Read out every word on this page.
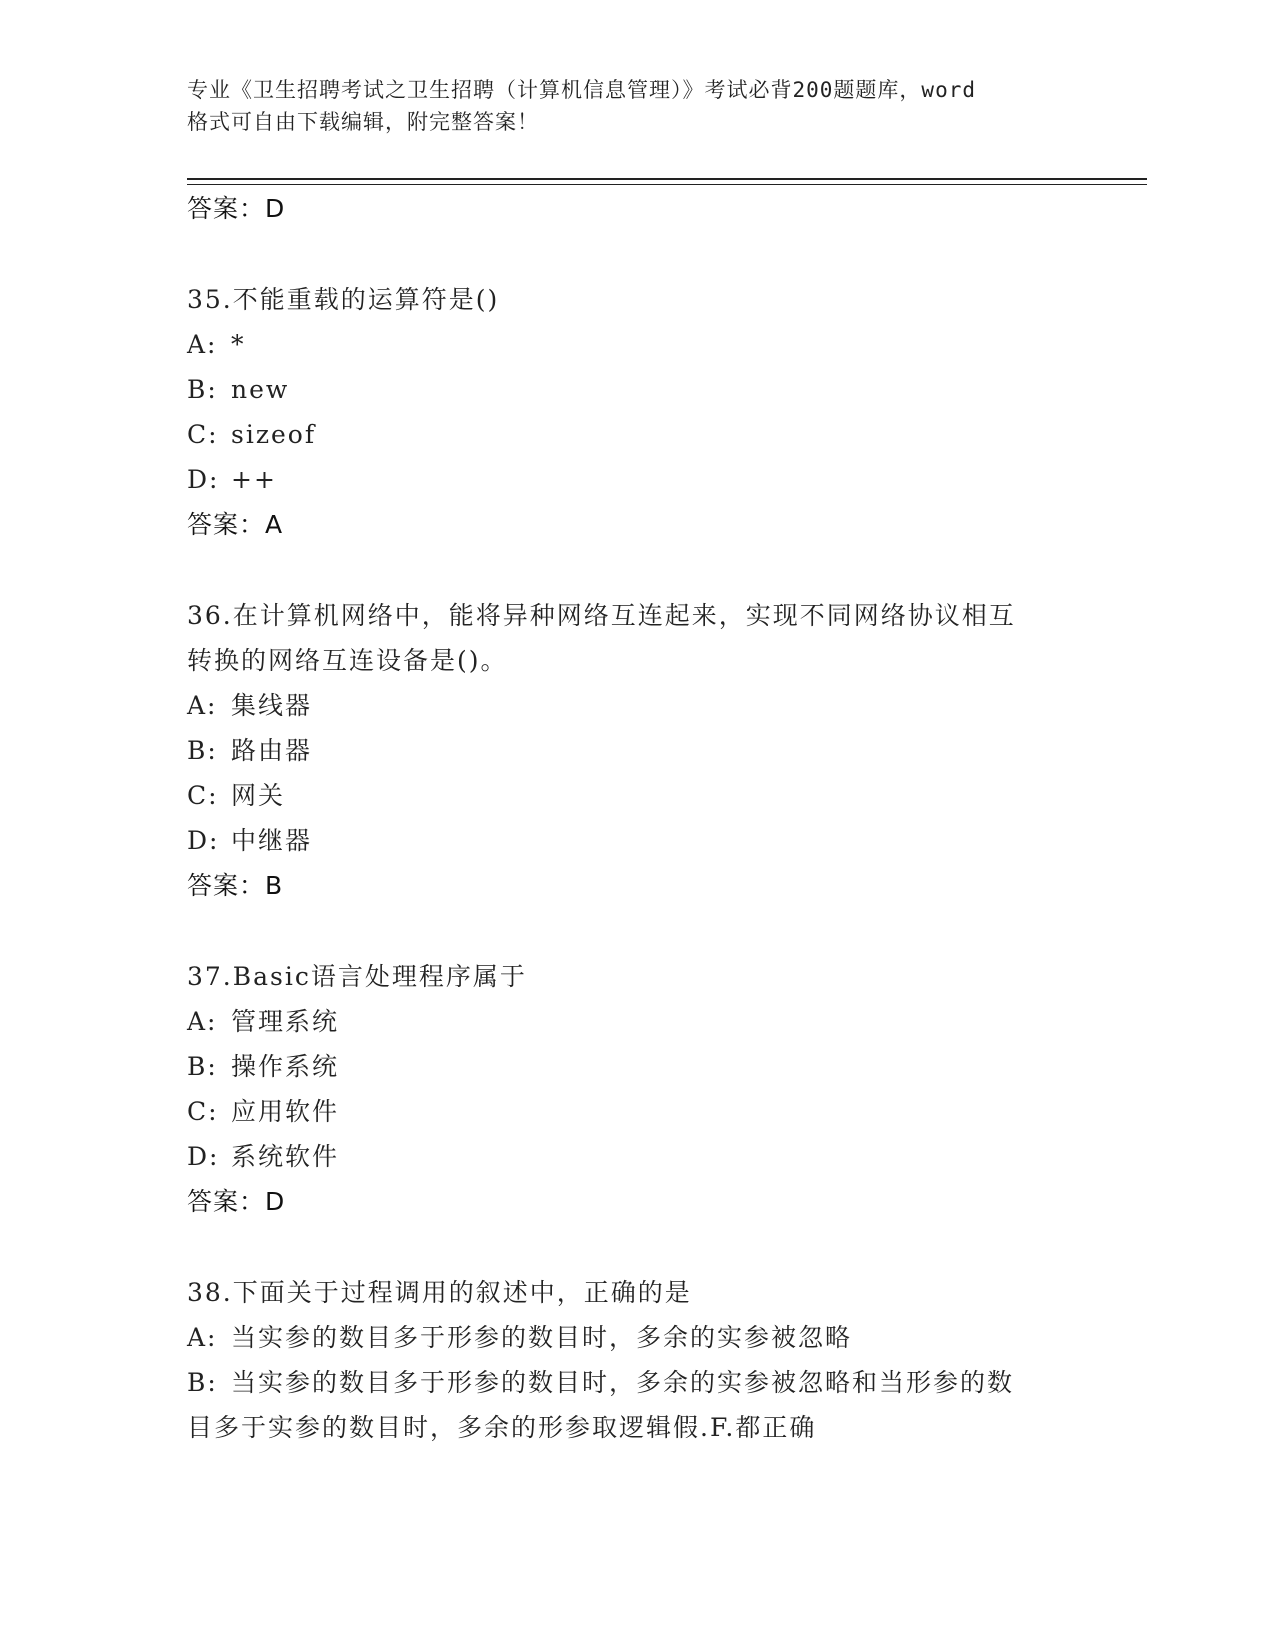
专业《卫生招聘考试之卫生招聘（计算机信息管理）》考试必背200题题库，word
格式可自由下载编辑，附完整答案！
答案：D
35.不能重载的运算符是()
A: *
B: new
C: sizeof
D: ++
答案：A
36.在计算机网络中，能将异种网络互连起来，实现不同网络协议相互
转换的网络互连设备是()。
A: 集线器
B: 路由器
C: 网关
D: 中继器
答案：B
37.Basic语言处理程序属于
A: 管理系统
B: 操作系统
C: 应用软件
D: 系统软件
答案：D
38.下面关于过程调用的叙述中，正确的是
A: 当实参的数目多于形参的数目时，多余的实参被忽略
B: 当实参的数目多于形参的数目时，多余的实参被忽略和当形参的数
目多于实参的数目时，多余的形参取逻辑假.F.都正确
